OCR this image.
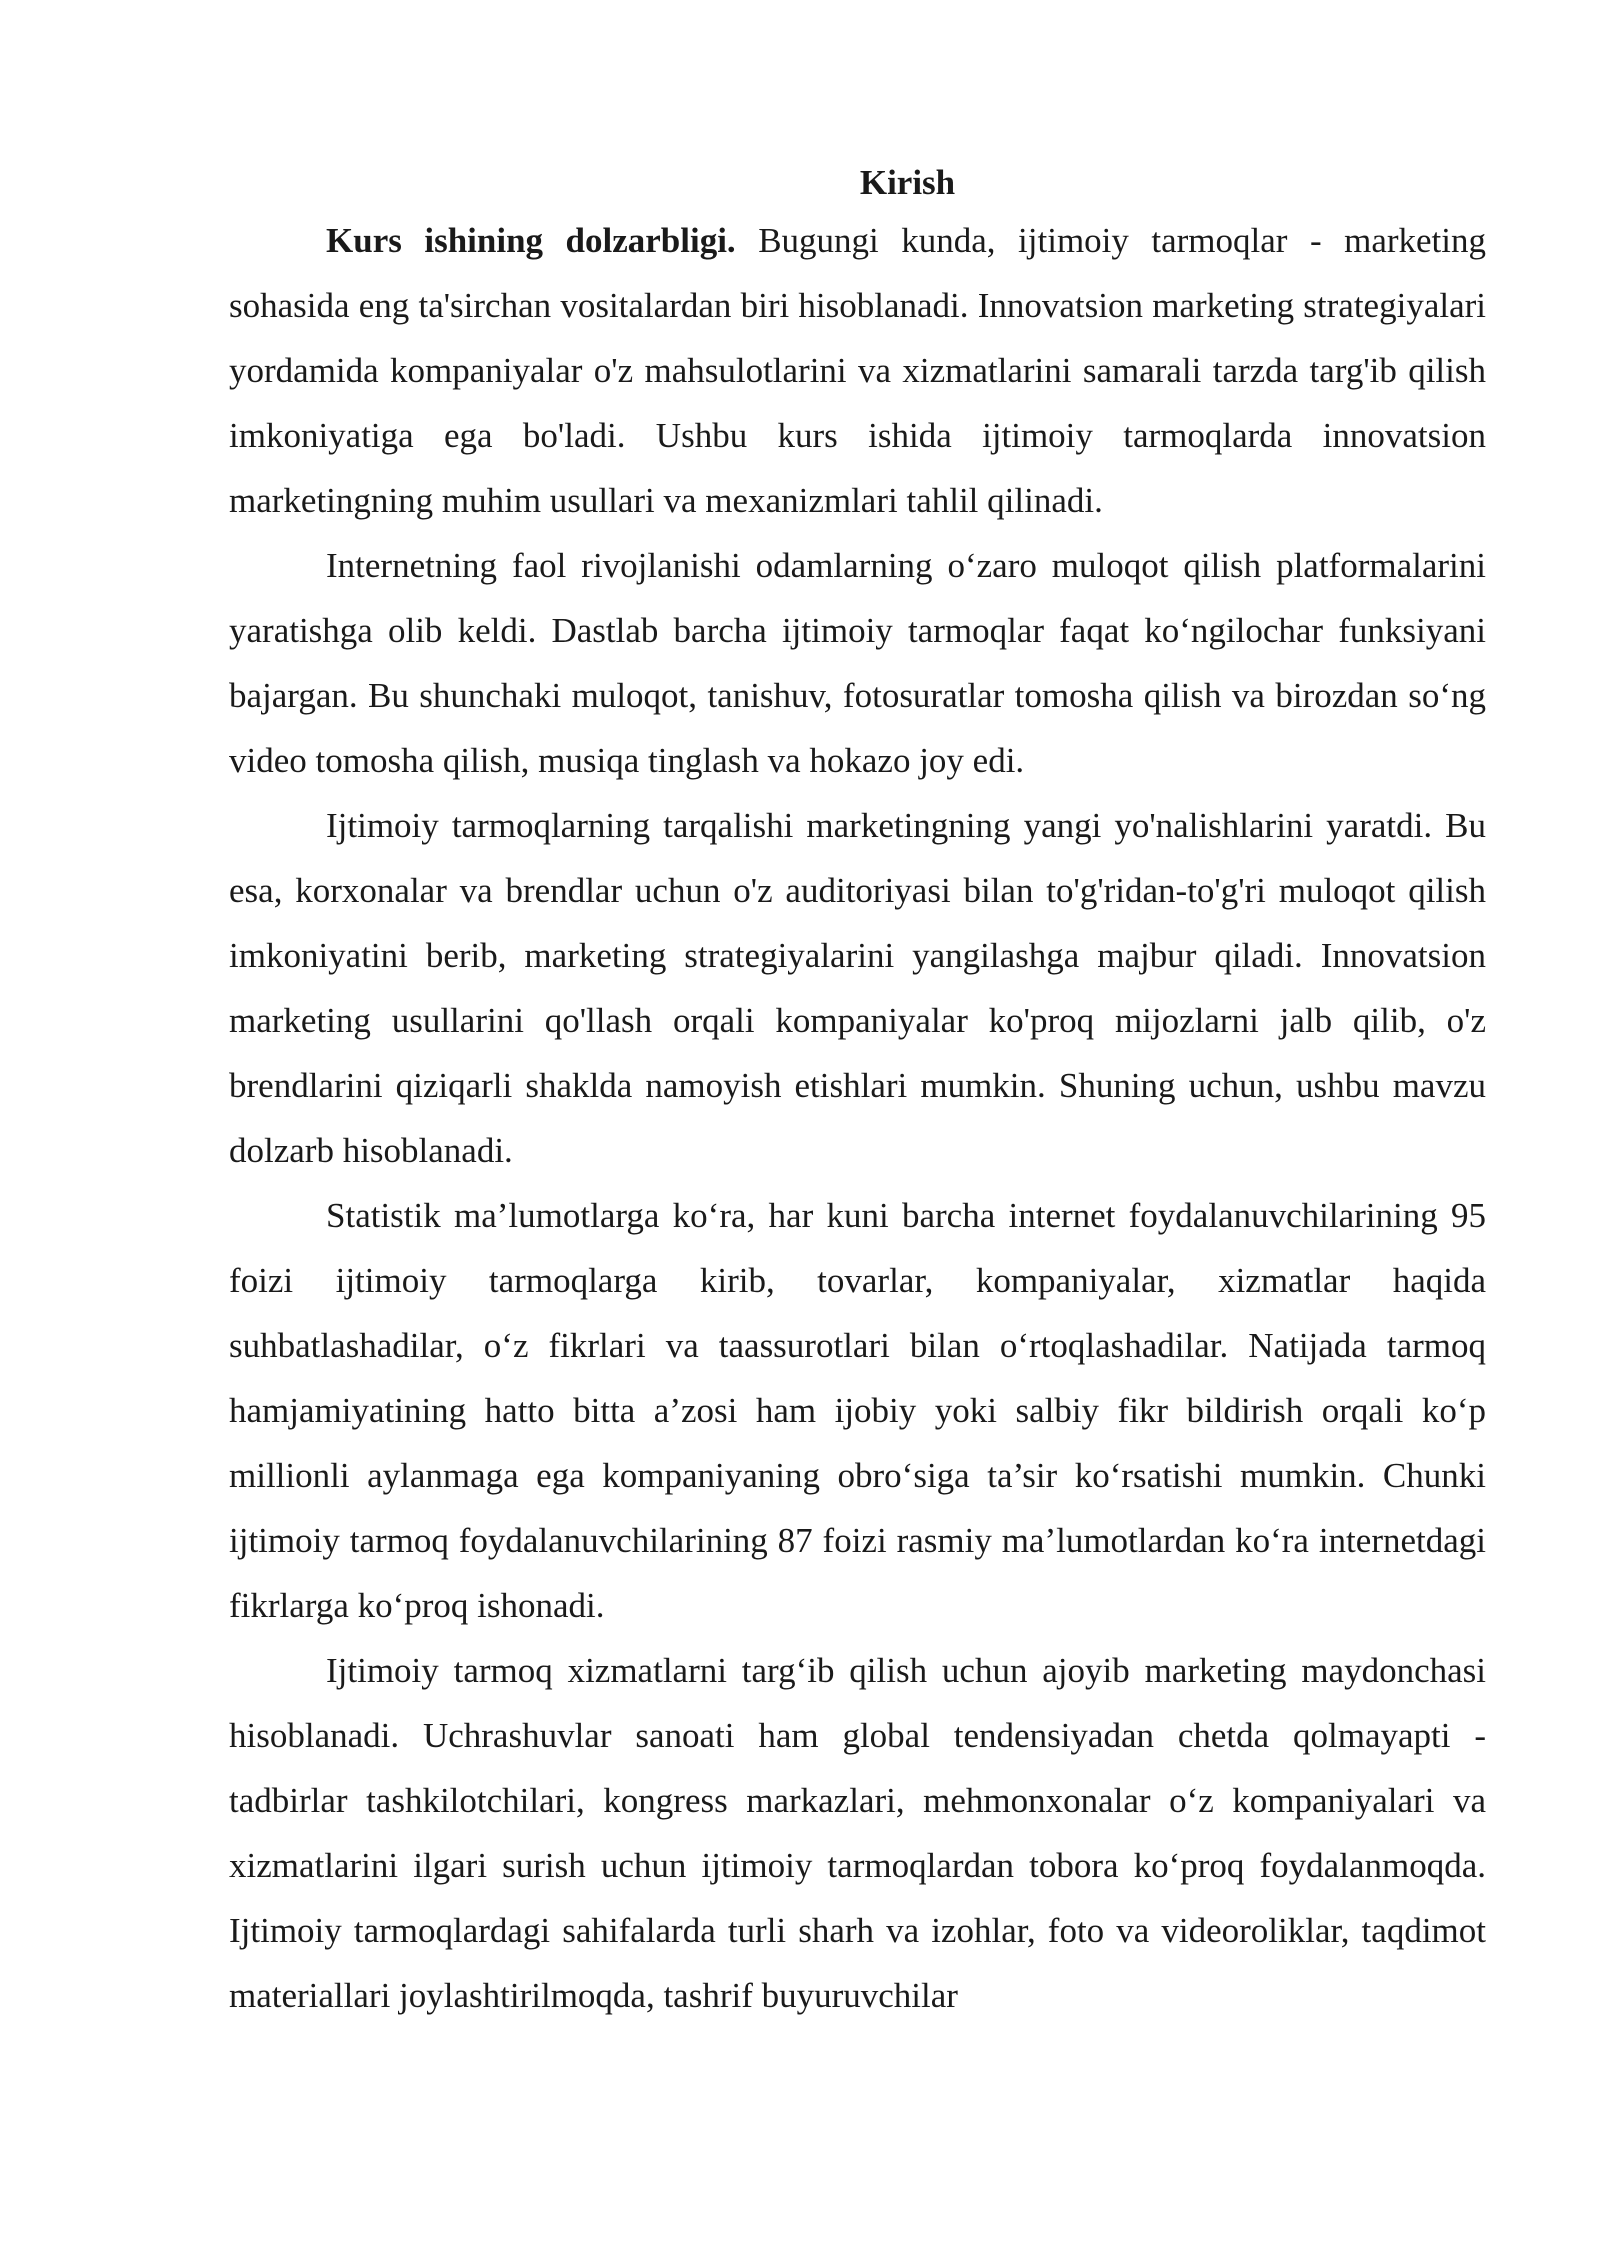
Kirish

Kurs ishining dolzarbligi. Bugungi kunda, ijtimoiy tarmoqlar - marketing sohasida eng ta'sirchan vositalardan biri hisoblanadi. Innovatsion marketing strategiyalari yordamida kompaniyalar o'z mahsulotlarini va xizmatlarini samarali tarzda targ'ib qilish imkoniyatiga ega bo'ladi. Ushbu kurs ishida ijtimoiy tarmoqlarda innovatsion marketingning muhim usullari va mexanizmlari tahlil qilinadi.

Internetning faol rivojlanishi odamlarning oʻzaro muloqot qilish platformalarini yaratishga olib keldi. Dastlab barcha ijtimoiy tarmoqlar faqat koʻngilochar funksiyani bajargan. Bu shunchaki muloqot, tanishuv, fotosuratlar tomosha qilish va birozdan soʻng video tomosha qilish, musiqa tinglash va hokazo joy edi.

Ijtimoiy tarmoqlarning tarqalishi marketingning yangi yo'nalishlarini yaratdi. Bu esa, korxonalar va brendlar uchun o'z auditoriyasi bilan to'g'ridan-to'g'ri muloqot qilish imkoniyatini berib, marketing strategiyalarini yangilashga majbur qiladi. Innovatsion marketing usullarini qo'llash orqali kompaniyalar ko'proq mijozlarni jalb qilib, o'z brendlarini qiziqarli shaklda namoyish etishlari mumkin. Shuning uchun, ushbu mavzu dolzarb hisoblanadi.

Statistik ma’lumotlarga koʻra, har kuni barcha internet foydalanuvchilarining 95 foizi ijtimoiy tarmoqlarga kirib, tovarlar, kompaniyalar, xizmatlar haqida suhbatlashadilar, oʻz fikrlari va taassurotlari bilan oʻrtoqlashadilar. Natijada tarmoq hamjamiyatining hatto bitta a’zosi ham ijobiy yoki salbiy fikr bildirish orqali koʻp millionli aylanmaga ega kompaniyaning obroʻsiga ta’sir koʻrsatishi mumkin. Chunki ijtimoiy tarmoq foydalanuvchilarining 87 foizi rasmiy ma’lumotlardan koʻra internetdagi fikrlarga koʻproq ishonadi.

Ijtimoiy tarmoq xizmatlarni targʻib qilish uchun ajoyib marketing maydonchasi hisoblanadi. Uchrashuvlar sanoati ham global tendensiyadan chetda qolmayapti - tadbirlar tashkilotchilari, kongress markazlari, mehmonxonalar oʻz kompaniyalari va xizmatlarini ilgari surish uchun ijtimoiy tarmoqlardan tobora koʻproq foydalanmoqda. Ijtimoiy tarmoqlardagi sahifalarda turli sharh va izohlar, foto va videoroliklar, taqdimot materiallari joylashtirilmoqda, tashrif buyuruvchilar
